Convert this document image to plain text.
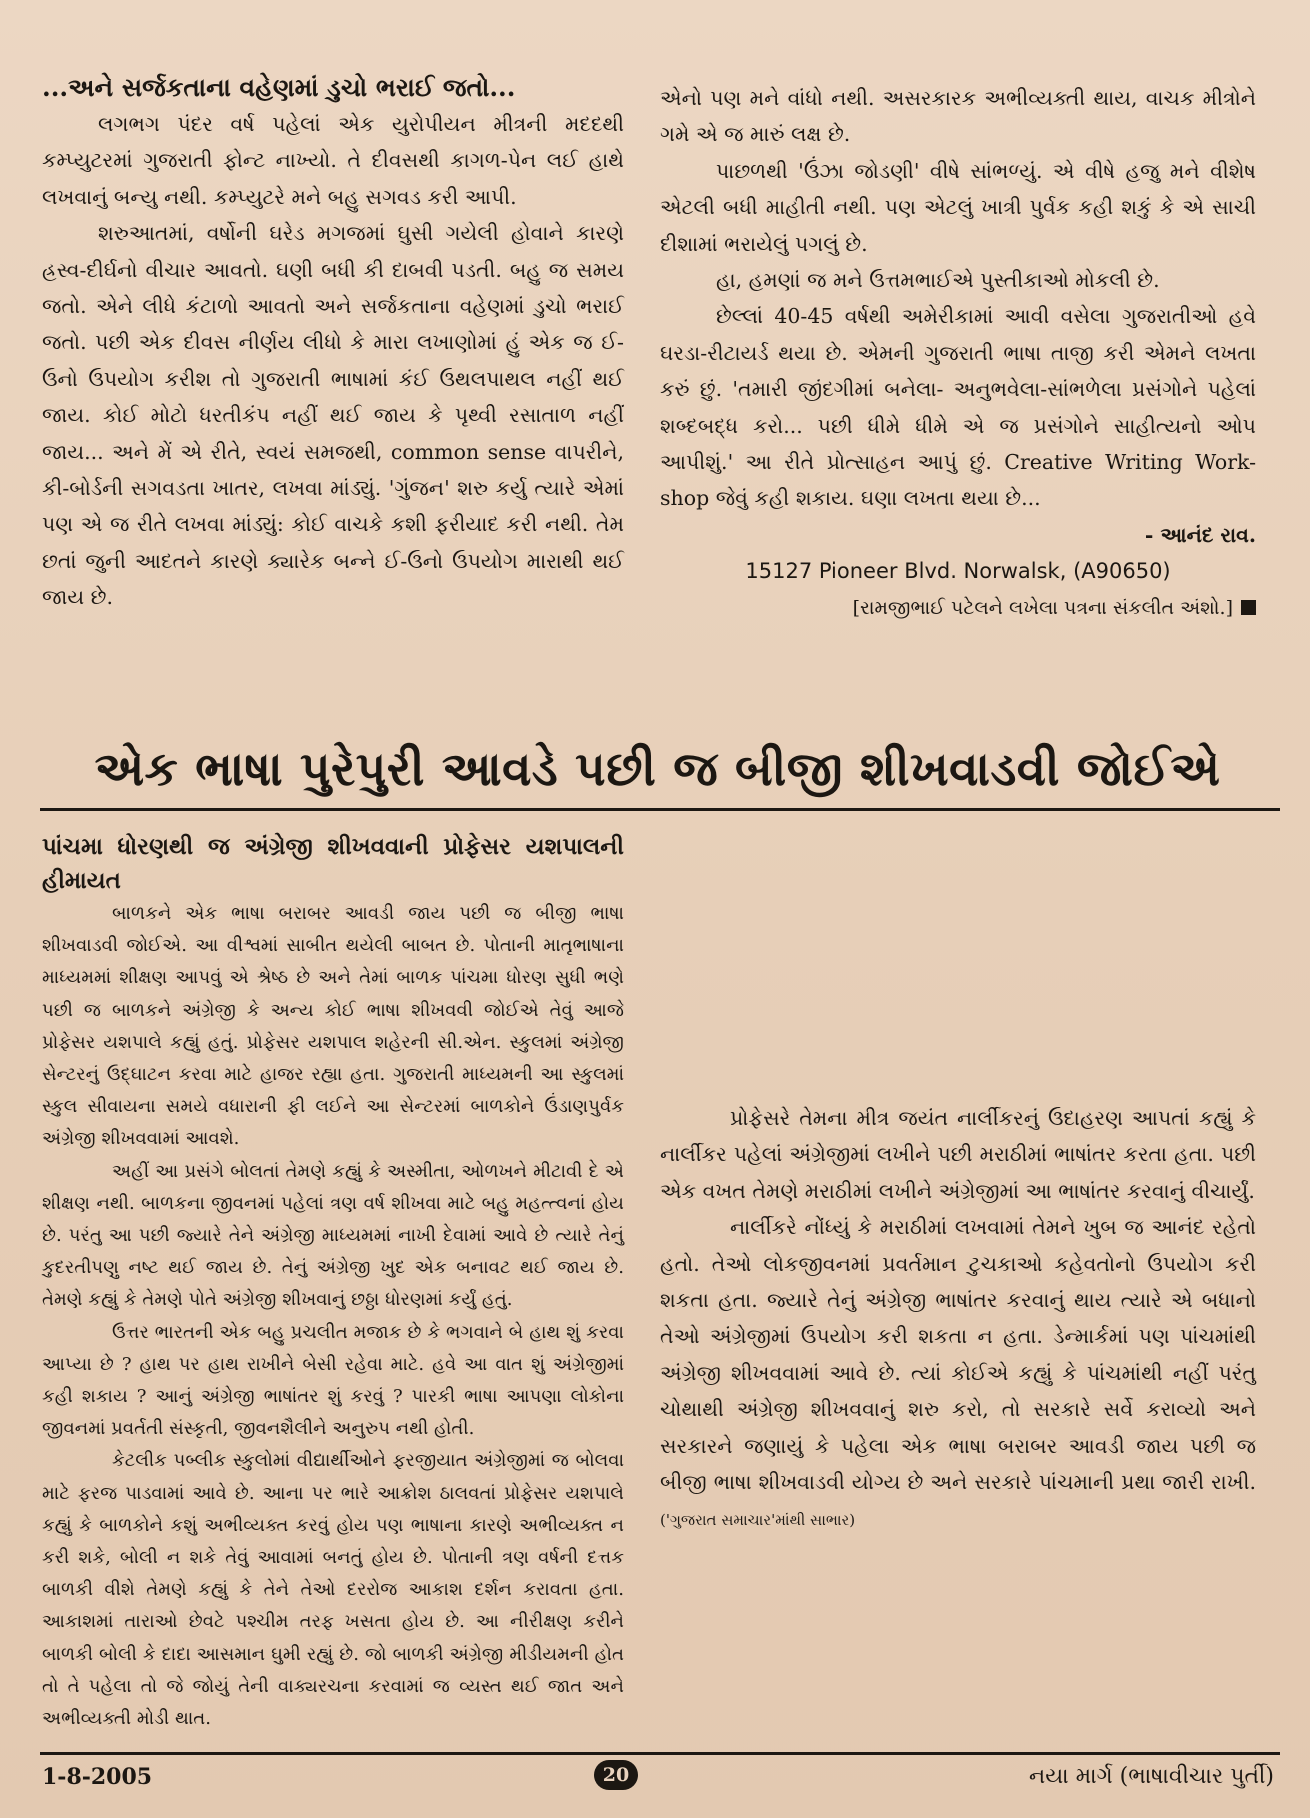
...અને સર્જકતાના વહેણમાં ડુચો ભરાઈ જતો...

લગભગ પંદર વર્ષ પહેલાં એક યુરોપીયન મીત્રની મદદથી કમ્પ્યુટરમાં ગુજરાતી ફોન્ટ નાખ્યો. તે દીવસથી કાગળ-પેન લઈ હાથે લખવાનું બન્યુ નથી. કમ્પ્યુટરે મને બહુ સગવડ કરી આપી.

શરુઆતમાં, વર્ષોની ઘરેડ મગજમાં ઘુસી ગયેલી હોવાને કારણે હ્રસ્વ-દીર્ઘનો વીચાર આવતો. ઘણી બધી કી દાબવી પડતી. બહુ જ સમય જતો. એને લીધે કંટાળો આવતો અને સર્જકતાના વહેણમાં ડુચો ભરાઈ જતો. પછી એક દીવસ નીર્ણય લીધો કે મારા લખાણોમાં હું એક જ ઈ-ઉનો ઉપયોગ કરીશ તો ગુજરાતી ભાષામાં કંઈ ઉથલપાથલ નહીં થઈ જાય. કોઈ મોટો ધરતીકંપ નહીં થઈ જાય કે પૃથ્વી રસાતાળ નહીં જાય... અને મેં એ રીતે, સ્વયં સમજથી, common sense વાપરીને, કી-બોર્ડની સગવડતા ખાતર, લખવા માંડ્યું. 'ગુંજન' શરુ કર્યુ ત્યારે એમાં પણ એ જ રીતે લખવા માંડ્યું: કોઈ વાચકે કશી ફરીયાદ કરી નથી. તેમ છતાં જુની આદતને કારણે ક્યારેક બન્ને ઈ-ઉનો ઉપયોગ મારાથી થઈ જાય છે.

એનો પણ મને વાંધો નથી. અસરકારક અભીવ્યક્તી થાય, વાચક મીત્રોને ગમે એ જ મારું લક્ષ છે.

પાછળથી 'ઉંઝા જોડણી' વીષે સાંભળ્યું. એ વીષે હજુ મને વીશેષ એટલી બધી માહીતી નથી. પણ એટલું ખાત્રી પુર્વક કહી શકું કે એ સાચી દીશામાં ભરાયેલું પગલું છે.

હા, હમણાં જ મને ઉત્તમભાઈએ પુસ્તીકાઓ મોકલી છે.

છેલ્લાં 40-45 વર્ષથી અમેરીકામાં આવી વસેલા ગુજરાતીઓ હવે ઘરડા-રીટાયર્ડ થયા છે. એમની ગુજરાતી ભાષા તાજી કરી એમને લખતા કરું છું. 'તમારી જીંદગીમાં બનેલા- અનુભવેલા-સાંભળેલા પ્રસંગોને પહેલાં શબ્દબદ્ધ કરો... પછી ધીમે ધીમે એ જ પ્રસંગોને સાહીત્યનો ઓપ આપીશું.' આ રીતે પ્રોત્સાહન આપું છું. Creative Writing Work-shop જેવું કહી શકાય. ઘણા લખતા થયા છે...

- આનંદ રાવ.

15127 Pioneer Blvd. Norwalsk, (A90650)

[રામજીભાઈ પટેલને લખેલા પત્રના સંકલીત અંશો.]

એક ભાષા પુરેપુરી આવડે પછી જ બીજી શીખવાડવી જોઈએ

પાંચમા ધોરણથી જ અંગ્રેજી શીખવવાની પ્રોફેસર યશપાલની હીમાયત

બાળકને એક ભાષા બરાબર આવડી જાય પછી જ બીજી ભાષા શીખવાડવી જોઈએ. આ વીશ્વમાં સાબીત થયેલી બાબત છે. પોતાની માતૃભાષાના માધ્યમમાં શીક્ષણ આપવું એ શ્રેષ્ઠ છે અને તેમાં બાળક પાંચમા ધોરણ સુધી ભણે પછી જ બાળકને અંગ્રેજી કે અન્ય કોઈ ભાષા શીખવવી જોઈએ તેવું આજે પ્રોફેસર યશપાલે કહ્યું હતું. પ્રોફેસર યશપાલ શહેરની સી.એન. સ્કુલમાં અંગ્રેજી સેન્ટરનું ઉદ્ઘાટન કરવા માટે હાજર રહ્યા હતા. ગુજરાતી માધ્યમની આ સ્કુલમાં સ્કુલ સીવાયના સમયે વધારાની ફી લઈને આ સેન્ટરમાં બાળકોને ઉંડાણપુર્વક અંગ્રેજી શીખવવામાં આવશે.

અહીં આ પ્રસંગે બોલતાં તેમણે કહ્યું કે અસ્મીતા, ઓળખને મીટાવી દે એ શીક્ષણ નથી. બાળકના જીવનમાં પહેલાં ત્રણ વર્ષ શીખવા માટે બહુ મહત્ત્વનાં હોય છે. પરંતુ આ પછી જ્યારે તેને અંગ્રેજી માધ્યમમાં નાખી દેવામાં આવે છે ત્યારે તેનું કુદરતીપણુ નષ્ટ થઈ જાય છે. તેનું અંગ્રેજી ખુદ એક બનાવટ થઈ જાય છે. તેમણે કહ્યું કે તેમણે પોતે અંગ્રેજી શીખવાનું છઠ્ઠા ધોરણમાં કર્યું હતું.

ઉત્તર ભારતની એક બહુ પ્રચલીત મજાક છે કે ભગવાને બે હાથ શું કરવા આપ્યા છે ? હાથ પર હાથ રાખીને બેસી રહેવા માટે. હવે આ વાત શું અંગ્રેજીમાં કહી શકાય ? આનું અંગ્રેજી ભાષાંતર શું કરવું ? પારકી ભાષા આપણા લોકોના જીવનમાં પ્રવર્તતી સંસ્કૃતી, જીવનશૈલીને અનુરુપ નથી હોતી.

કેટલીક પબ્લીક સ્કુલોમાં વીદ્યાર્થીઓને ફરજીયાત અંગ્રેજીમાં જ બોલવા માટે ફરજ પાડવામાં આવે છે. આના પર ભારે આક્રોશ ઠાલવતાં પ્રોફેસર યશપાલે કહ્યું કે બાળકોને કશું અભીવ્યક્ત કરવું હોય પણ ભાષાના કારણે અભીવ્યક્ત ન કરી શકે, બોલી ન શકે તેવું આવામાં બનતું હોય છે. પોતાની ત્રણ વર્ષની દત્તક બાળકી વીશે તેમણે કહ્યું કે તેને તેઓ દરરોજ આકાશ દર્શન કરાવતા હતા. આકાશમાં તારાઓ છેવટે પશ્ચીમ તરફ ખસતા હોય છે. આ નીરીક્ષણ કરીને બાળકી બોલી કે દાદા આસમાન ઘુમી રહ્યું છે. જો બાળકી અંગ્રેજી મીડીયમની હોત તો તે પહેલા તો જે જોયું તેની વાક્યરચના કરવામાં જ વ્યસ્ત થઈ જાત અને અભીવ્યક્તી મોડી થાત.

પ્રોફેસરે તેમના મીત્ર જયંત નાર્લીકરનું ઉદાહરણ આપતાં કહ્યું કે નાર્લીકર પહેલાં અંગ્રેજીમાં લખીને પછી મરાઠીમાં ભાષાંતર કરતા હતા. પછી એક વખત તેમણે મરાઠીમાં લખીને અંગ્રેજીમાં આ ભાષાંતર કરવાનું વીચાર્યું.

નાર્લીકરે નોંધ્યું કે મરાઠીમાં લખવામાં તેમને ખુબ જ આનંદ રહેતો હતો. તેઓ લોકજીવનમાં પ્રવર્તમાન ટુચકાઓ કહેવતોનો ઉપયોગ કરી શકતા હતા. જ્યારે તેનું અંગ્રેજી ભાષાંતર કરવાનું થાય ત્યારે એ બધાનો તેઓ અંગ્રેજીમાં ઉપયોગ કરી શકતા ન હતા. ડેન્માર્કમાં પણ પાંચમાંથી અંગ્રેજી શીખવવામાં આવે છે. ત્યાં કોઈએ કહ્યું કે પાંચમાંથી નહીં પરંતુ ચોથાથી અંગ્રેજી શીખવવાનું શરુ કરો, તો સરકારે સર્વે કરાવ્યો અને સરકારને જણાયું કે પહેલા એક ભાષા બરાબર આવડી જાય પછી જ બીજી ભાષા શીખવાડવી યોગ્ય છે અને સરકારે પાંચમાની પ્રથા જારી રાખી.('ગુજરાત સમાચાર'માંથી સાભાર)

1-8-2005	20	નયા માર્ગ (ભાષાવીચાર પુર્તી)
